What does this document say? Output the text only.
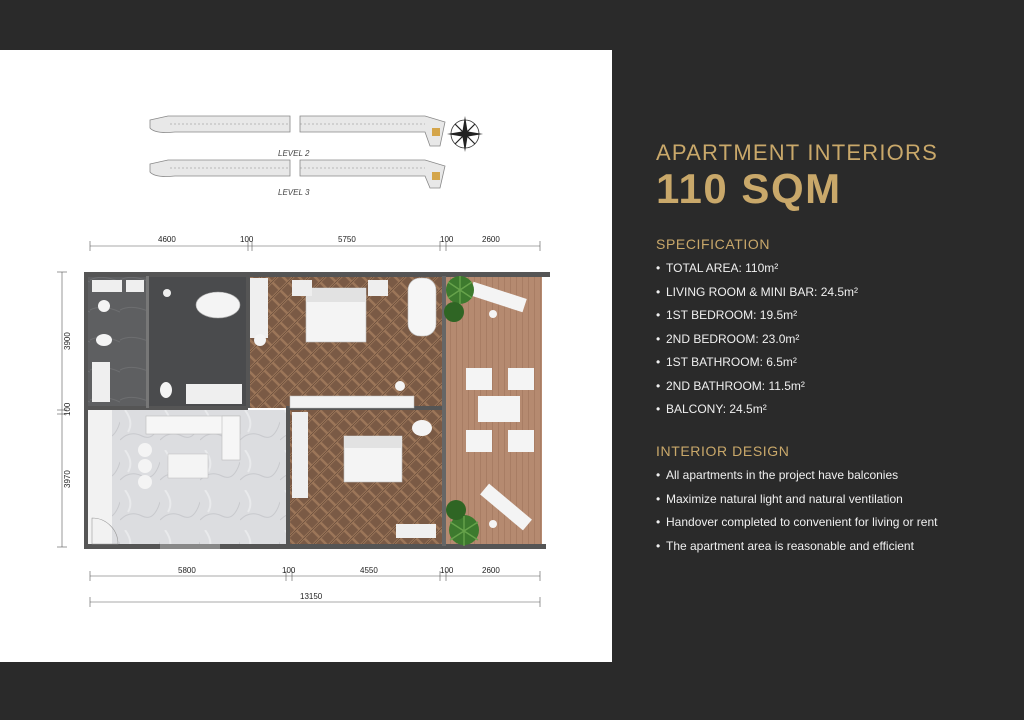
LEVEL 2
LEVEL 3
4600	100	5750	100	2600
3900
100
3970
5800	100	4550	100	2600
13150
APARTMENT INTERIORS
110 SQM
SPECIFICATION
• TOTAL AREA: 110m²
• LIVING ROOM & MINI BAR: 24.5m²
• 1ST BEDROOM: 19.5m²
• 2ND BEDROOM: 23.0m²
• 1ST BATHROOM: 6.5m²
• 2ND BATHROOM: 11.5m²
• BALCONY: 24.5m²
INTERIOR DESIGN
• All apartments in the project have balconies
• Maximize natural light and natural ventilation
• Handover completed to convenient for living or rent
• The apartment area is reasonable and efficient
